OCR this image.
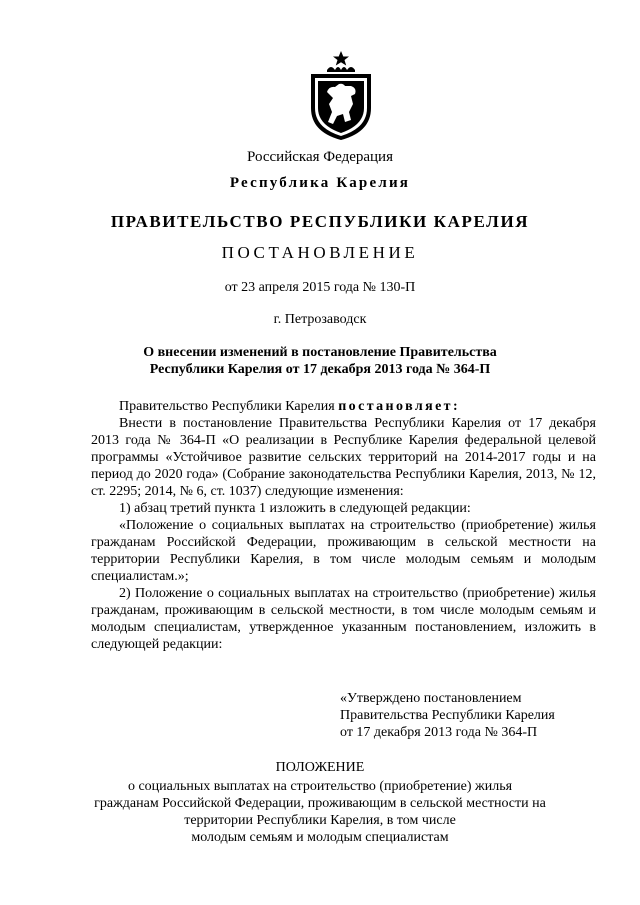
Российская Федерация
Республика Карелия
ПРАВИТЕЛЬСТВО РЕСПУБЛИКИ КАРЕЛИЯ
ПОСТАНОВЛЕНИЕ
от 23 апреля 2015 года № 130-П
г. Петрозаводск
О внесении изменений в постановление Правительства
Республики Карелия от 17 декабря 2013 года № 364-П

Правительство Республики Карелия постановляет:

Внести в постановление Правительства Республики Карелия от 17 декабря 2013 года № 364-П «О реализации в Республике Карелия федеральной целевой программы «Устойчивое развитие сельских территорий на 2014-2017 годы и на период до 2020 года» (Собрание законодательства Республики Карелия, 2013, № 12, ст. 2295; 2014, № 6, ст. 1037) следующие изменения:

1) абзац третий пункта 1 изложить в следующей редакции:

«Положение о социальных выплатах на строительство (приобретение) жилья гражданам Российской Федерации, проживающим в сельской местности на территории Республики Карелия, в том числе молодым семьям и молодым специалистам.»;

2) Положение о социальных выплатах на строительство (приобретение) жилья гражданам, проживающим в сельской местности, в том числе молодым семьям и молодым специалистам, утвержденное указанным постановлением, изложить в следующей редакции:

«Утверждено постановлением
Правительства Республики Карелия
от 17 декабря 2013 года № 364-П
ПОЛОЖЕНИЕ
о социальных выплатах на строительство (приобретение) жилья
гражданам Российской Федерации, проживающим в сельской местности на
территории Республики Карелия, в том числе
молодым семьям и молодым специалистам
